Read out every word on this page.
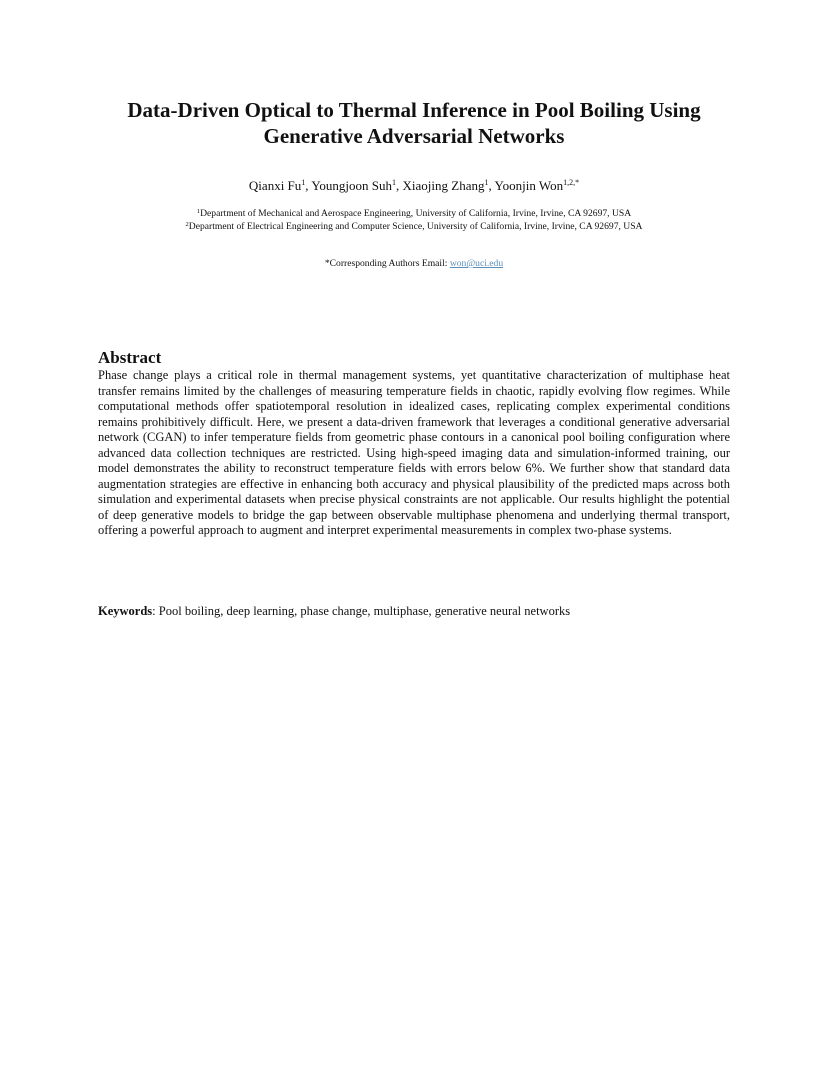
Data-Driven Optical to Thermal Inference in Pool Boiling Using
Generative Adversarial Networks
Qianxi Fu$^1$, Youngjoon Suh$^1$, Xiaojing Zhang$^1$, Yoonjin Won$^{1,2,*}$
$^1$Department of Mechanical and Aerospace Engineering, University of California, Irvine, Irvine, CA 92697, USA
$^2$Department of Electrical Engineering and Computer Science, University of California, Irvine, Irvine, CA 92697, USA
*Corresponding Authors Email: won@uci.edu
Abstract
Phase change plays a critical role in thermal management systems, yet quantitative characterization of multiphase heat transfer remains limited by the challenges of measuring temperature fields in chaotic, rapidly evolving flow regimes. While computational methods offer spatiotemporal resolution in idealized cases, replicating complex experimental conditions remains prohibitively difficult. Here, we present a data-driven framework that leverages a conditional generative adversarial network (CGAN) to infer temperature fields from geometric phase contours in a canonical pool boiling configuration where advanced data collection techniques are restricted. Using high-speed imaging data and simulation-informed training, our model demonstrates the ability to reconstruct temperature fields with errors below 6%. We further show that standard data augmentation strategies are effective in enhancing both accuracy and physical plausibility of the predicted maps across both simulation and experimental datasets when precise physical constraints are not applicable. Our results highlight the potential of deep generative models to bridge the gap between observable multiphase phenomena and underlying thermal transport, offering a powerful approach to augment and interpret experimental measurements in complex two-phase systems.
Keywords: Pool boiling, deep learning, phase change, multiphase, generative neural networks
